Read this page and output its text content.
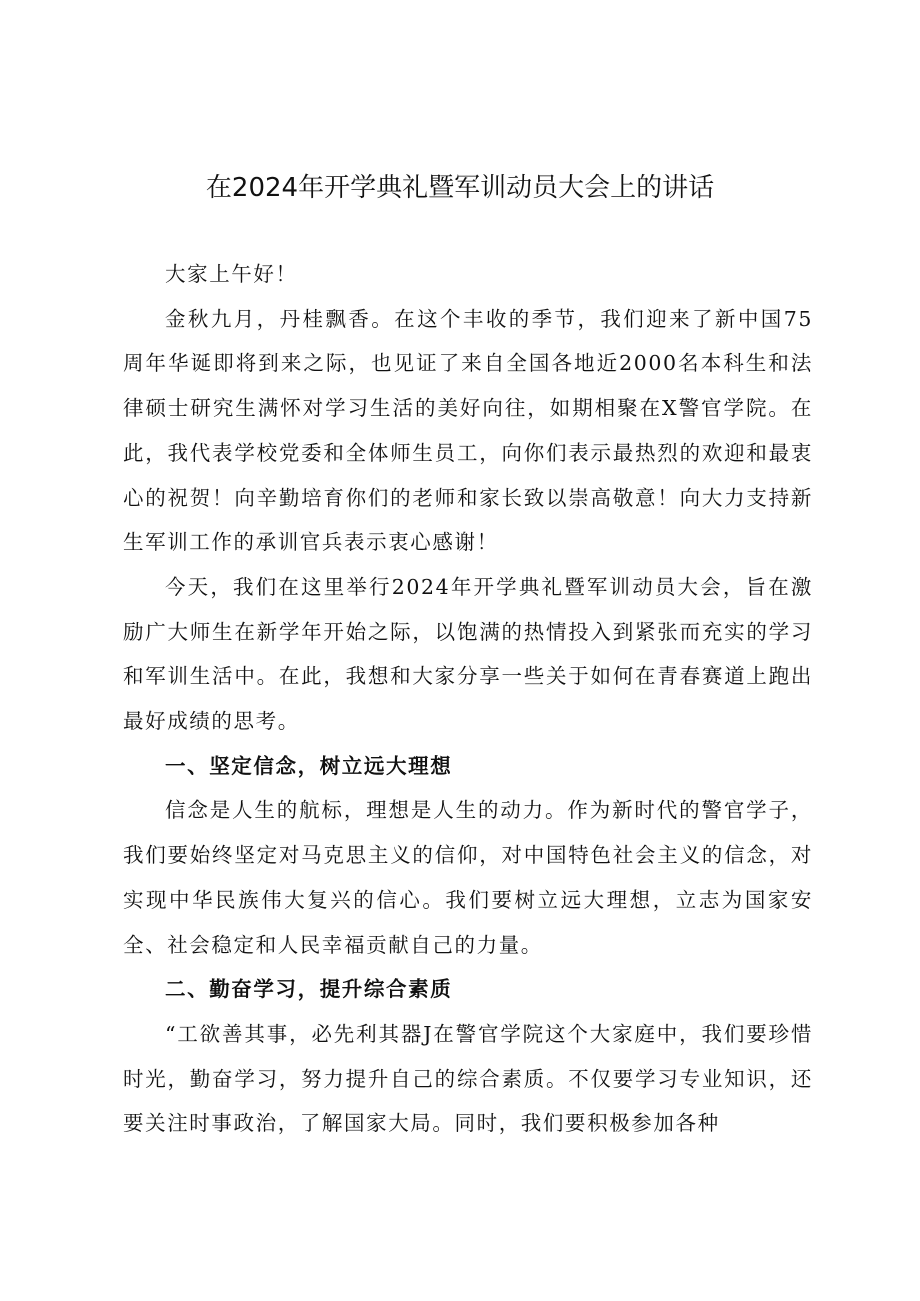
在2024年开学典礼暨军训动员大会上的讲话

大家上午好！

金秋九月，丹桂飘香。在这个丰收的季节，我们迎来了新中国75周年华诞即将到来之际，也见证了来自全国各地近2000名本科生和法律硕士研究生满怀对学习生活的美好向往，如期相聚在X警官学院。在此，我代表学校党委和全体师生员工，向你们表示最热烈的欢迎和最衷心的祝贺！向辛勤培育你们的老师和家长致以崇高敬意！向大力支持新生军训工作的承训官兵表示衷心感谢！

今天，我们在这里举行2024年开学典礼暨军训动员大会，旨在激励广大师生在新学年开始之际，以饱满的热情投入到紧张而充实的学习和军训生活中。在此，我想和大家分享一些关于如何在青春赛道上跑出最好成绩的思考。

一、坚定信念，树立远大理想

信念是人生的航标，理想是人生的动力。作为新时代的警官学子，我们要始终坚定对马克思主义的信仰，对中国特色社会主义的信念，对实现中华民族伟大复兴的信心。我们要树立远大理想，立志为国家安全、社会稳定和人民幸福贡献自己的力量。

二、勤奋学习，提升综合素质

“工欲善其事，必先利其器J在警官学院这个大家庭中，我们要珍惜时光，勤奋学习，努力提升自己的综合素质。不仅要学习专业知识，还要关注时事政治，了解国家大局。同时，我们要积极参加各种
